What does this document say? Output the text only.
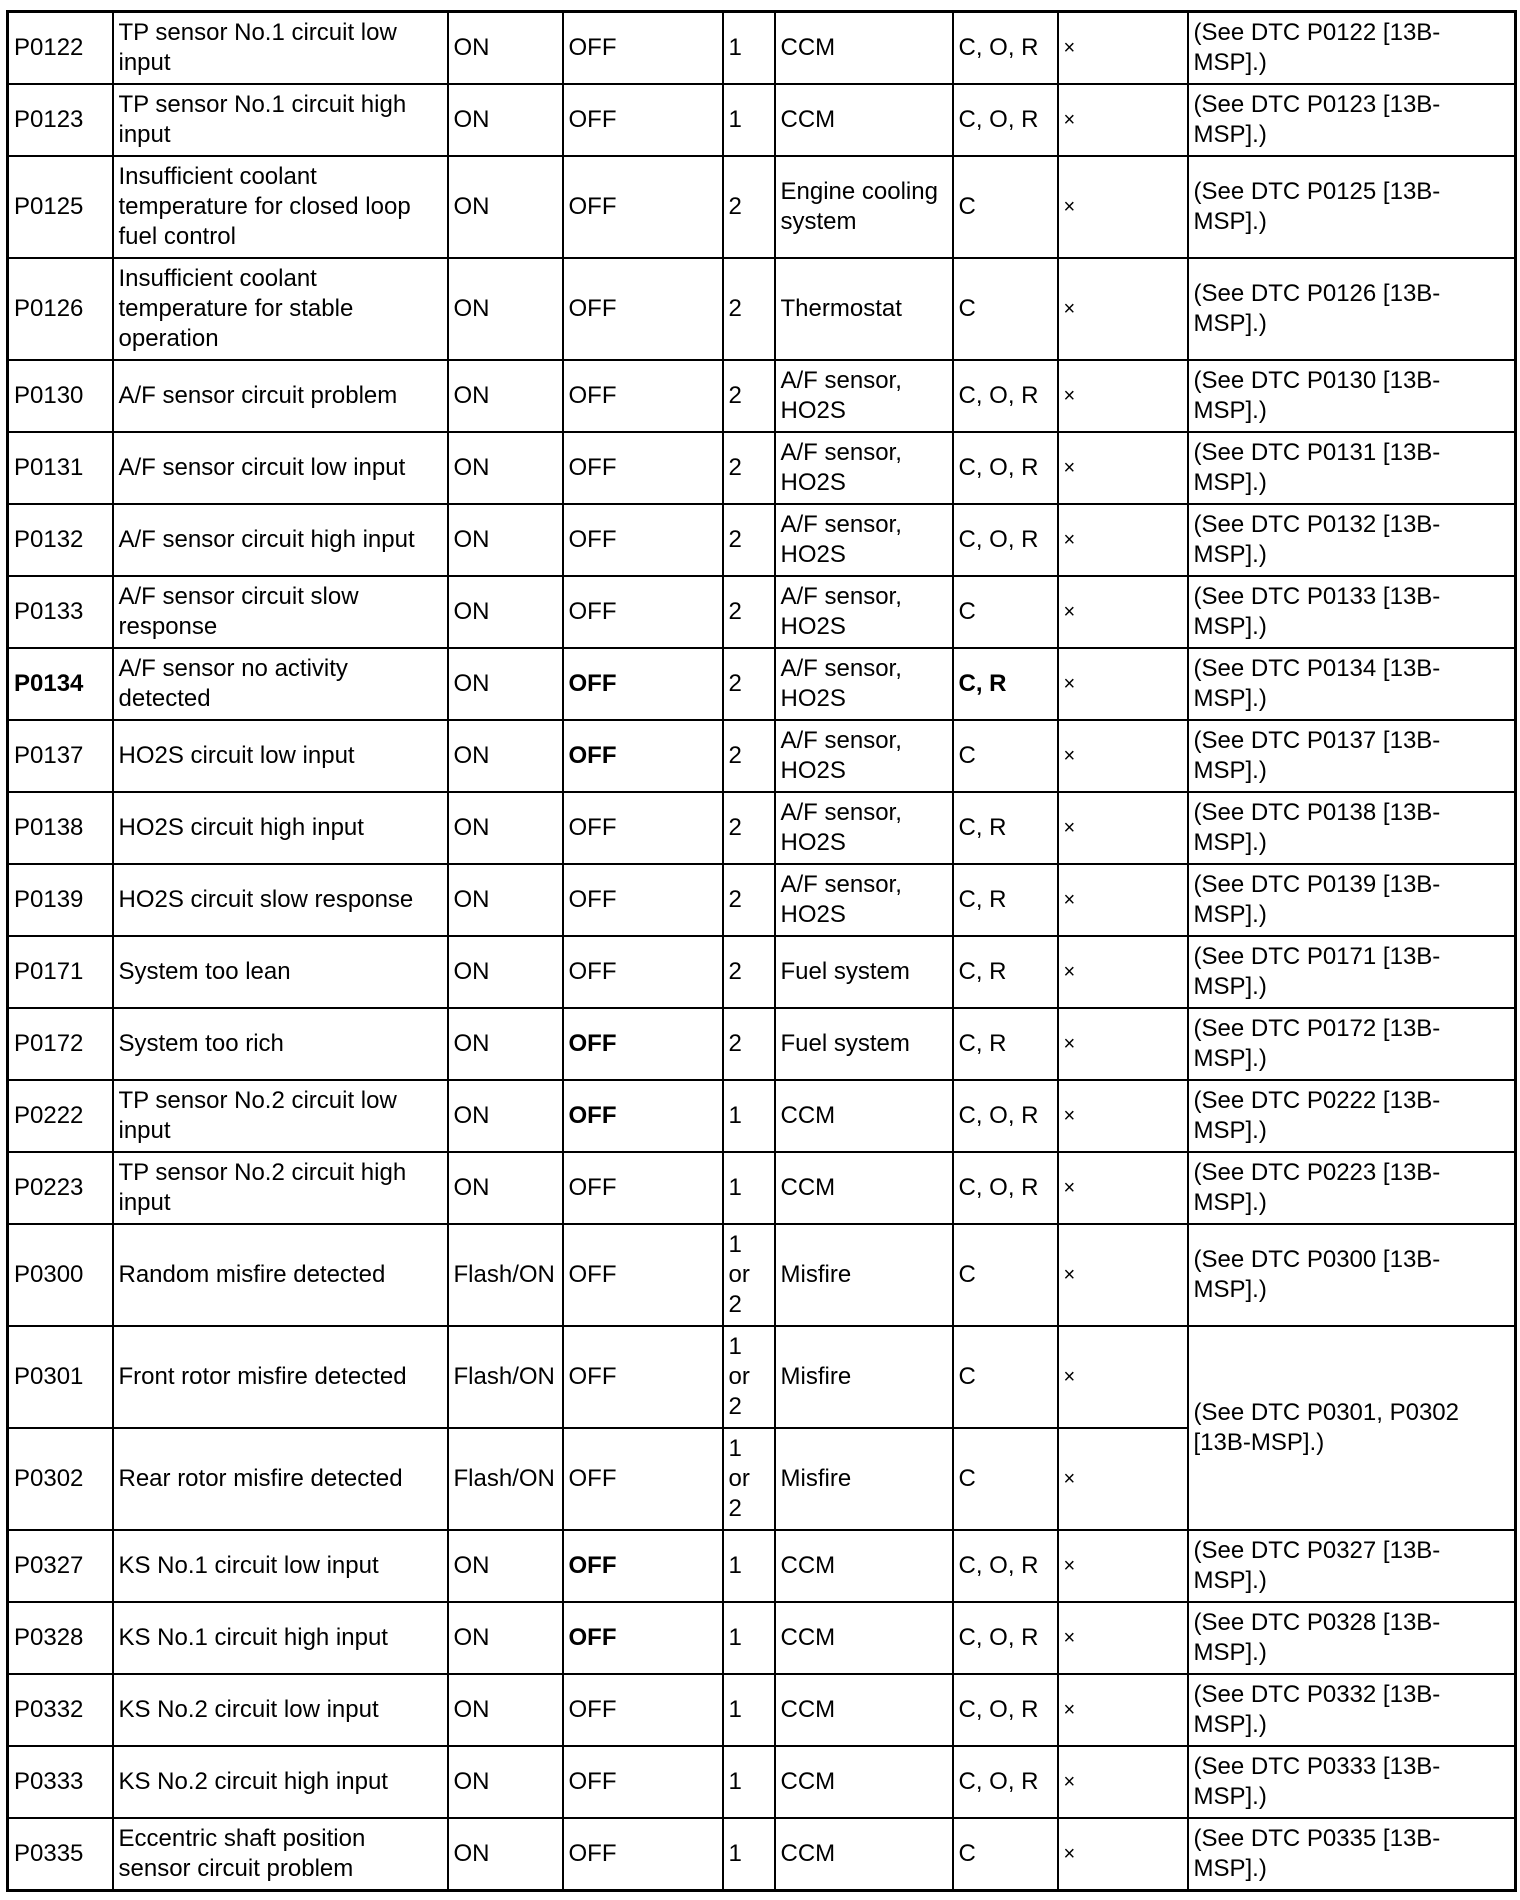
P0122	TP sensor No.1 circuit low input	ON	OFF	1	CCM	C, O, R	×	(See DTC P0122 [13B-MSP].)
P0123	TP sensor No.1 circuit high input	ON	OFF	1	CCM	C, O, R	×	(See DTC P0123 [13B-MSP].)
P0125	Insufficient coolant temperature for closed loop fuel control	ON	OFF	2	Engine cooling system	C	×	(See DTC P0125 [13B-MSP].)
P0126	Insufficient coolant temperature for stable operation	ON	OFF	2	Thermostat	C	×	(See DTC P0126 [13B-MSP].)
P0130	A/F sensor circuit problem	ON	OFF	2	A/F sensor, HO2S	C, O, R	×	(See DTC P0130 [13B-MSP].)
P0131	A/F sensor circuit low input	ON	OFF	2	A/F sensor, HO2S	C, O, R	×	(See DTC P0131 [13B-MSP].)
P0132	A/F sensor circuit high input	ON	OFF	2	A/F sensor, HO2S	C, O, R	×	(See DTC P0132 [13B-MSP].)
P0133	A/F sensor circuit slow response	ON	OFF	2	A/F sensor, HO2S	C	×	(See DTC P0133 [13B-MSP].)
P0134	A/F sensor no activity detected	ON	OFF	2	A/F sensor, HO2S	C, R	×	(See DTC P0134 [13B-MSP].)
P0137	HO2S circuit low input	ON	OFF	2	A/F sensor, HO2S	C	×	(See DTC P0137 [13B-MSP].)
P0138	HO2S circuit high input	ON	OFF	2	A/F sensor, HO2S	C, R	×	(See DTC P0138 [13B-MSP].)
P0139	HO2S circuit slow response	ON	OFF	2	A/F sensor, HO2S	C, R	×	(See DTC P0139 [13B-MSP].)
P0171	System too lean	ON	OFF	2	Fuel system	C, R	×	(See DTC P0171 [13B-MSP].)
P0172	System too rich	ON	OFF	2	Fuel system	C, R	×	(See DTC P0172 [13B-MSP].)
P0222	TP sensor No.2 circuit low input	ON	OFF	1	CCM	C, O, R	×	(See DTC P0222 [13B-MSP].)
P0223	TP sensor No.2 circuit high input	ON	OFF	1	CCM	C, O, R	×	(See DTC P0223 [13B-MSP].)
P0300	Random misfire detected	Flash/ON	OFF	1 or 2	Misfire	C	×	(See DTC P0300 [13B-MSP].)
P0301	Front rotor misfire detected	Flash/ON	OFF	1 or 2	Misfire	C	×	(See DTC P0301, P0302 [13B-MSP].)
P0302	Rear rotor misfire detected	Flash/ON	OFF	1 or 2	Misfire	C	×	
P0327	KS No.1 circuit low input	ON	OFF	1	CCM	C, O, R	×	(See DTC P0327 [13B-MSP].)
P0328	KS No.1 circuit high input	ON	OFF	1	CCM	C, O, R	×	(See DTC P0328 [13B-MSP].)
P0332	KS No.2 circuit low input	ON	OFF	1	CCM	C, O, R	×	(See DTC P0332 [13B-MSP].)
P0333	KS No.2 circuit high input	ON	OFF	1	CCM	C, O, R	×	(See DTC P0333 [13B-MSP].)
P0335	Eccentric shaft position sensor circuit problem	ON	OFF	1	CCM	C	×	(See DTC P0335 [13B-MSP].)
